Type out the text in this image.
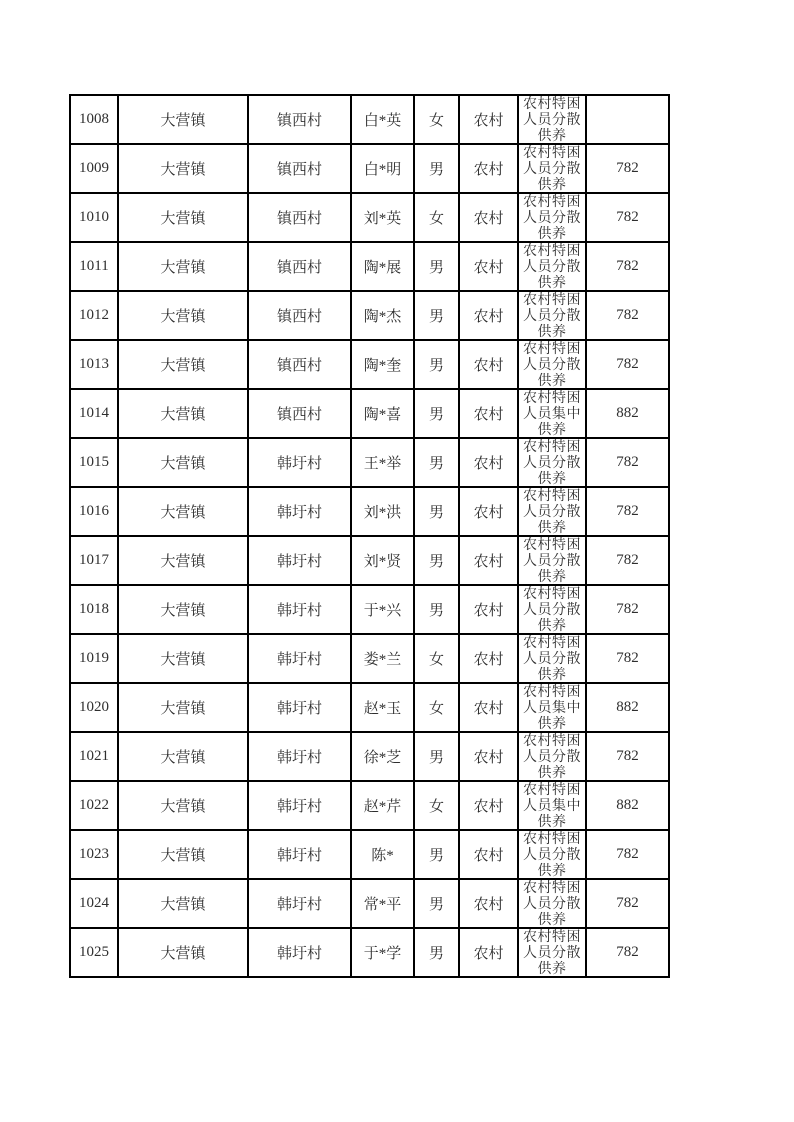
1008	大营镇	镇西村	白*英	女	农村	农村特困人员分散供养	

1009	大营镇	镇西村	白*明	男	农村	农村特困人员分散供养	782
1010	大营镇	镇西村	刘*英	女	农村	农村特困人员分散供养	782
1011	大营镇	镇西村	陶*展	男	农村	农村特困人员分散供养	782
1012	大营镇	镇西村	陶*杰	男	农村	农村特困人员分散供养	782
1013	大营镇	镇西村	陶*奎	男	农村	农村特困人员分散供养	782
1014	大营镇	镇西村	陶*喜	男	农村	农村特困人员集中供养	882
1015	大营镇	韩圩村	王*举	男	农村	农村特困人员分散供养	782
1016	大营镇	韩圩村	刘*洪	男	农村	农村特困人员分散供养	782
1017	大营镇	韩圩村	刘*贤	男	农村	农村特困人员分散供养	782
1018	大营镇	韩圩村	于*兴	男	农村	农村特困人员分散供养	782
1019	大营镇	韩圩村	娄*兰	女	农村	农村特困人员分散供养	782
1020	大营镇	韩圩村	赵*玉	女	农村	农村特困人员集中供养	882
1021	大营镇	韩圩村	徐*芝	男	农村	农村特困人员分散供养	782
1022	大营镇	韩圩村	赵*芹	女	农村	农村特困人员集中供养	882
1023	大营镇	韩圩村	陈*	男	农村	农村特困人员分散供养	782
1024	大营镇	韩圩村	常*平	男	农村	农村特困人员分散供养	782
1025	大营镇	韩圩村	于*学	男	农村	农村特困人员分散供养	782
